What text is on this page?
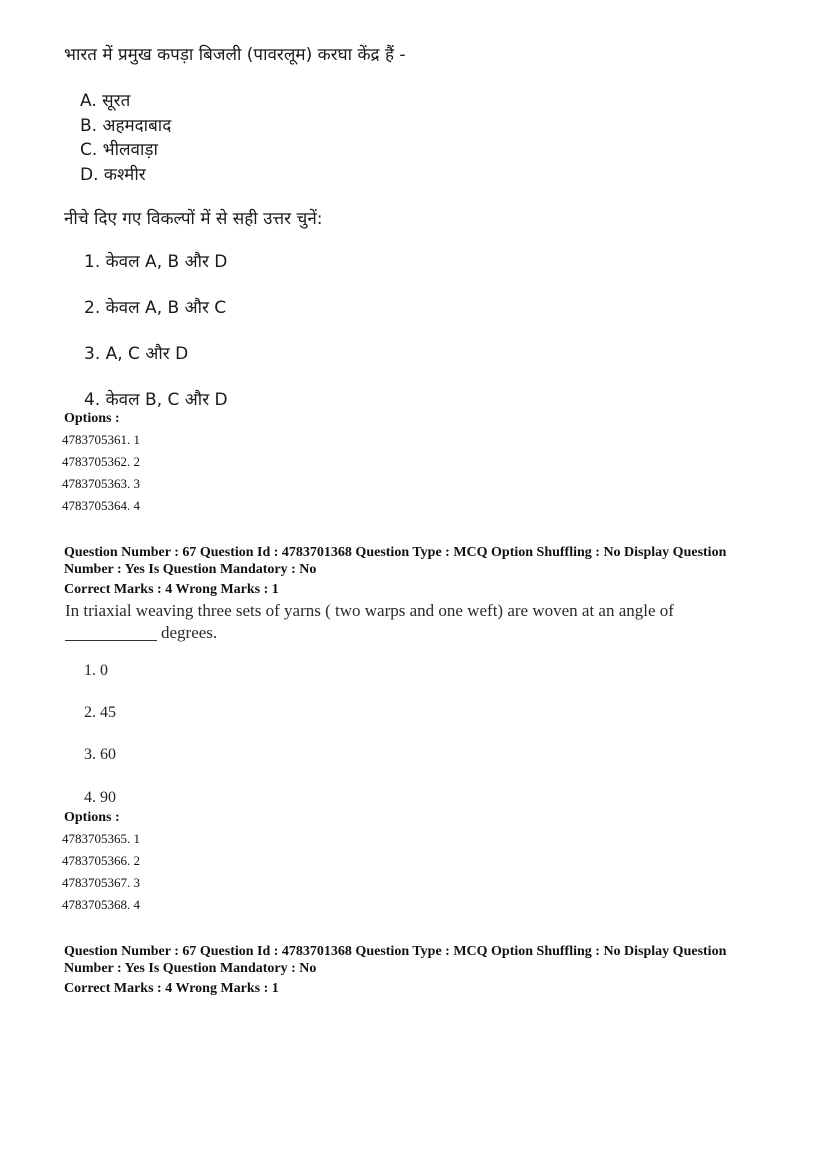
भारत में प्रमुख कपड़ा बिजली (पावरलूम) करघा केंद्र हैं -
A. सूरत
B. अहमदाबाद
C. भीलवाड़ा
D. कश्मीर
नीचे दिए गए विकल्पों में से सही उत्तर चुनें:
1. केवल A, B और D
2. केवल A, B और C
3. A, C और D
4. केवल B, C और D
Options :
4783705361. 1
4783705362. 2
4783705363. 3
4783705364. 4
Question Number : 67 Question Id : 4783701368 Question Type : MCQ Option Shuffling : No Display Question
Number : Yes Is Question Mandatory : No
Correct Marks : 4 Wrong Marks : 1
In triaxial weaving three sets of yarns ( two warps and one weft) are woven at an angle of
degrees.
1. 0
2. 45
3. 60
4. 90
Options :
4783705365. 1
4783705366. 2
4783705367. 3
4783705368. 4
Question Number : 67 Question Id : 4783701368 Question Type : MCQ Option Shuffling : No Display Question
Number : Yes Is Question Mandatory : No
Correct Marks : 4 Wrong Marks : 1
